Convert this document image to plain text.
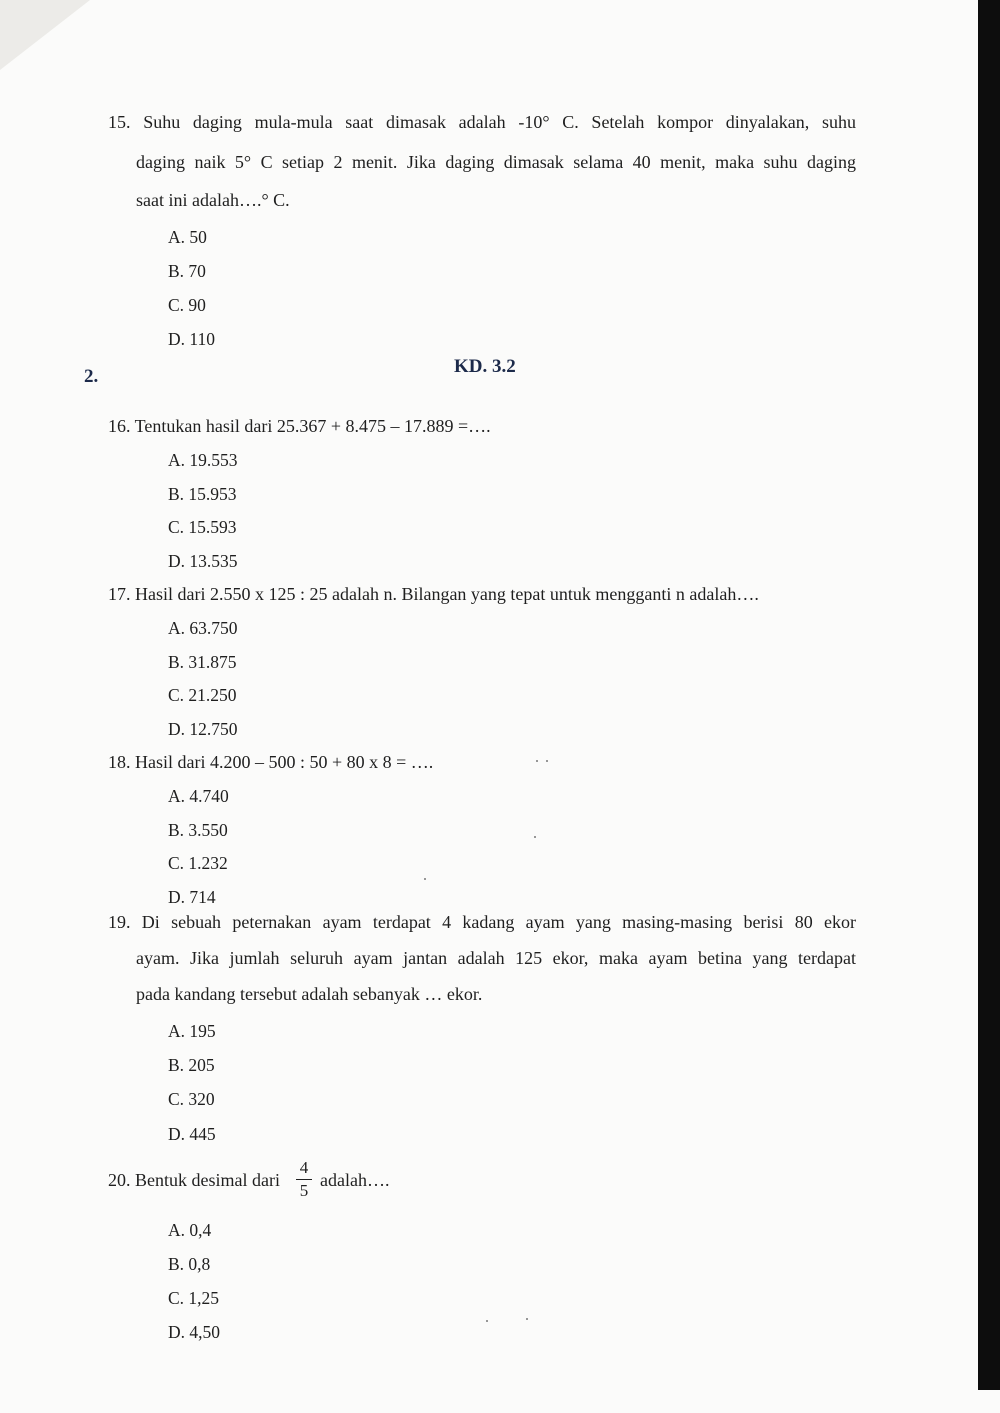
15. Suhu daging mula-mula saat dimasak adalah -10° C. Setelah kompor dinyalakan, suhu
daging naik 5° C setiap 2 menit. Jika daging dimasak selama 40 menit, maka suhu daging
saat ini adalah….° C.
A. 50
B. 70
C. 90
D. 110
2.	KD. 3.2
16. Tentukan hasil dari 25.367 + 8.475 – 17.889 =….
A. 19.553
B. 15.953
C. 15.593
D. 13.535
17. Hasil dari 2.550 x 125 : 25 adalah n. Bilangan yang tepat untuk mengganti n adalah….
A. 63.750
B. 31.875
C. 21.250
D. 12.750
18. Hasil dari 4.200 – 500 : 50 + 80 x 8 = ….
A. 4.740
B. 3.550
C. 1.232
D. 714
19. Di sebuah peternakan ayam terdapat 4 kadang ayam yang masing-masing berisi 80 ekor
ayam. Jika jumlah seluruh ayam jantan adalah 125 ekor, maka ayam betina yang terdapat
pada kandang tersebut adalah sebanyak … ekor.
A. 195
B. 205
C. 320
D. 445
20. Bentuk desimal dari
4
5
adalah….
A. 0,4
B. 0,8
C. 1,25
D. 4,50
